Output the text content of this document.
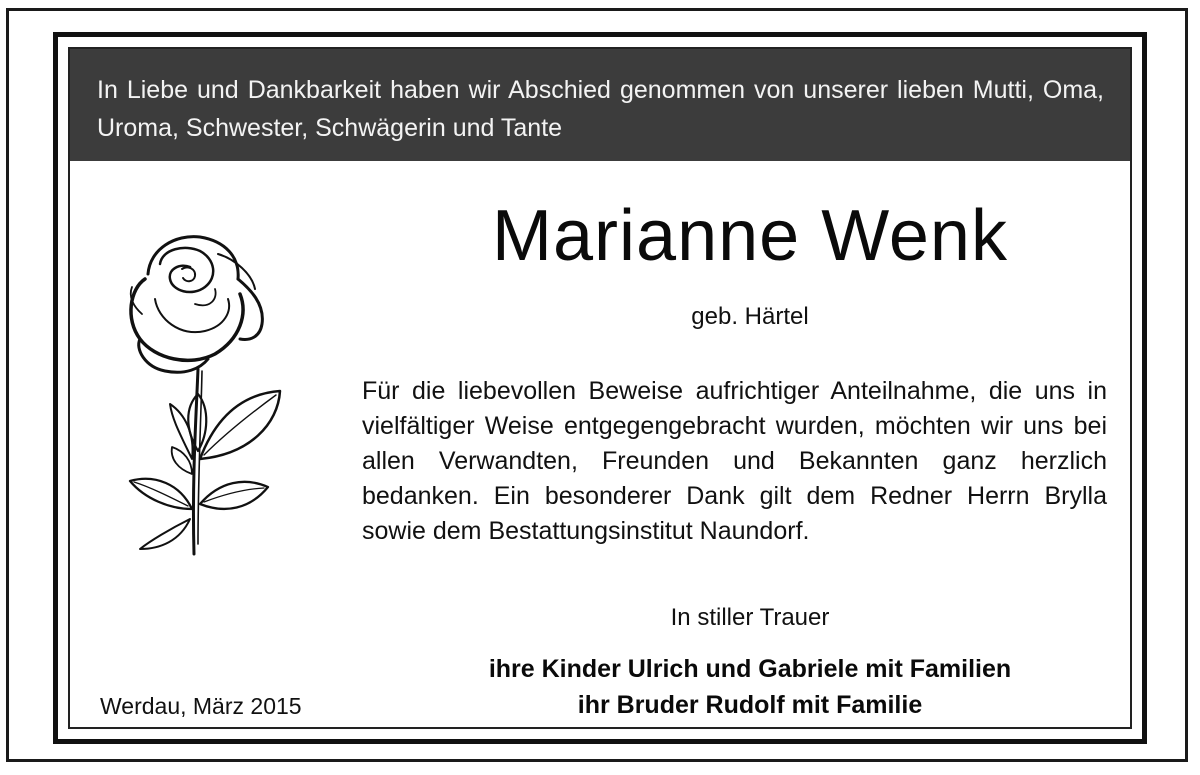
In Liebe und Dankbarkeit haben wir Abschied genommen von unserer lieben Mutti, Oma, Uroma, Schwester, Schwägerin und Tante
Marianne Wenk
geb. Härtel
Für die liebevollen Beweise aufrichtiger Anteilnahme, die uns in vielfältiger Weise entgegengebracht wurden, möchten wir uns bei allen Verwandten, Freunden und Bekannten ganz herzlich bedanken. Ein besonderer Dank gilt dem Redner Herrn Brylla sowie dem Bestattungsinstitut Naundorf.
In stiller Trauer
ihre Kinder Ulrich und Gabriele mit Familien
ihr Bruder Rudolf mit Familie
Werdau, März 2015
